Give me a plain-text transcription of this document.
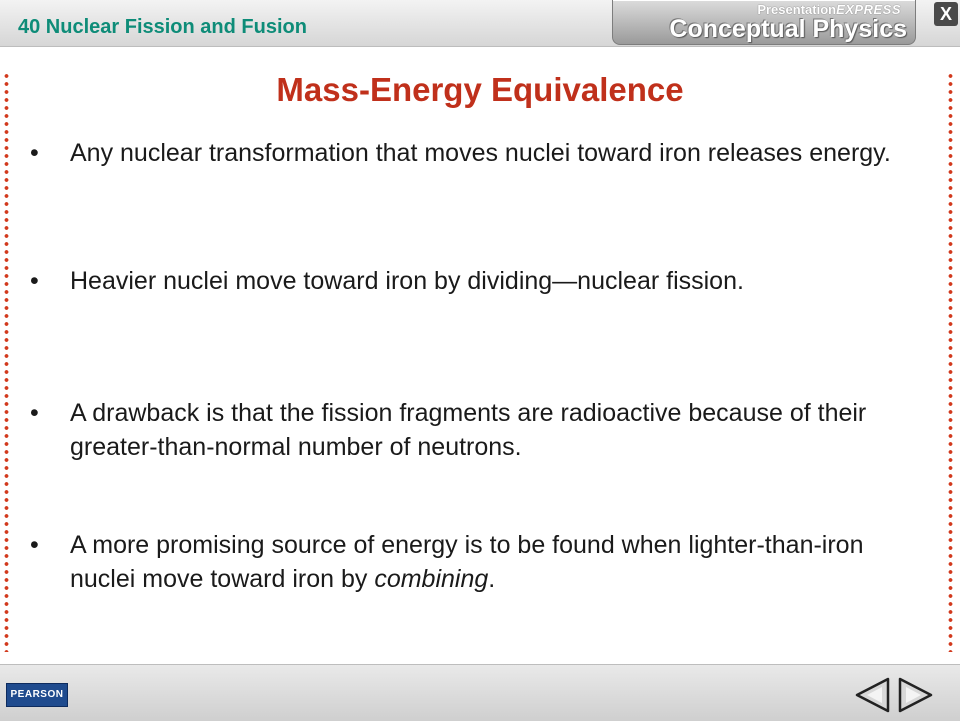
40 Nuclear Fission and Fusion
PresentationEXPRESS
Conceptual Physics
X
Mass-Energy Equivalence
• Any nuclear transformation that moves nuclei toward iron releases energy.
• Heavier nuclei move toward iron by dividing—nuclear fission.
• A drawback is that the fission fragments are radioactive because of their greater-than-normal number of neutrons.
• A more promising source of energy is to be found when lighter-than-iron nuclei move toward iron by combining.
PEARSON
